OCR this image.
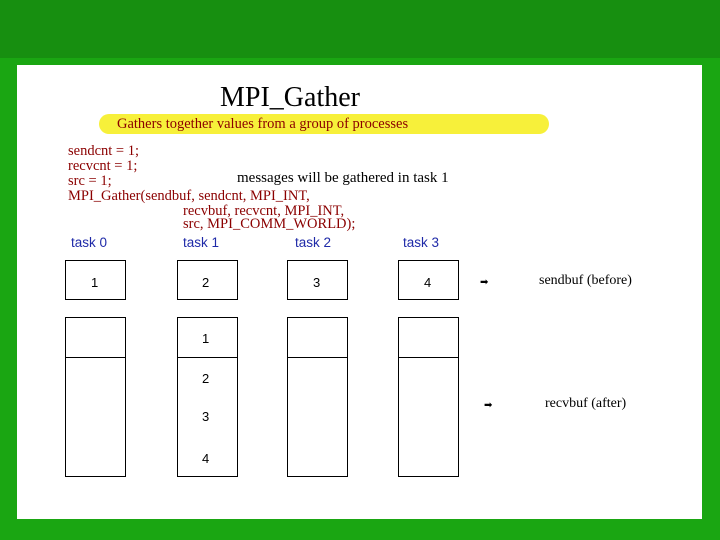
MPI_Gather
Gathers together values from a group of processes
sendcnt = 1;
recvcnt = 1;
src = 1;
MPI_Gather(sendbuf, sendcnt, MPI_INT,
recvbuf, recvcnt, MPI_INT,
src, MPI_COMM_WORLD);
messages will be gathered in task 1
task 0	task 1	task 2	task 3
1	2	3	4	➡	sendbuf (before)
1
2
3
4
➡	recvbuf (after)
